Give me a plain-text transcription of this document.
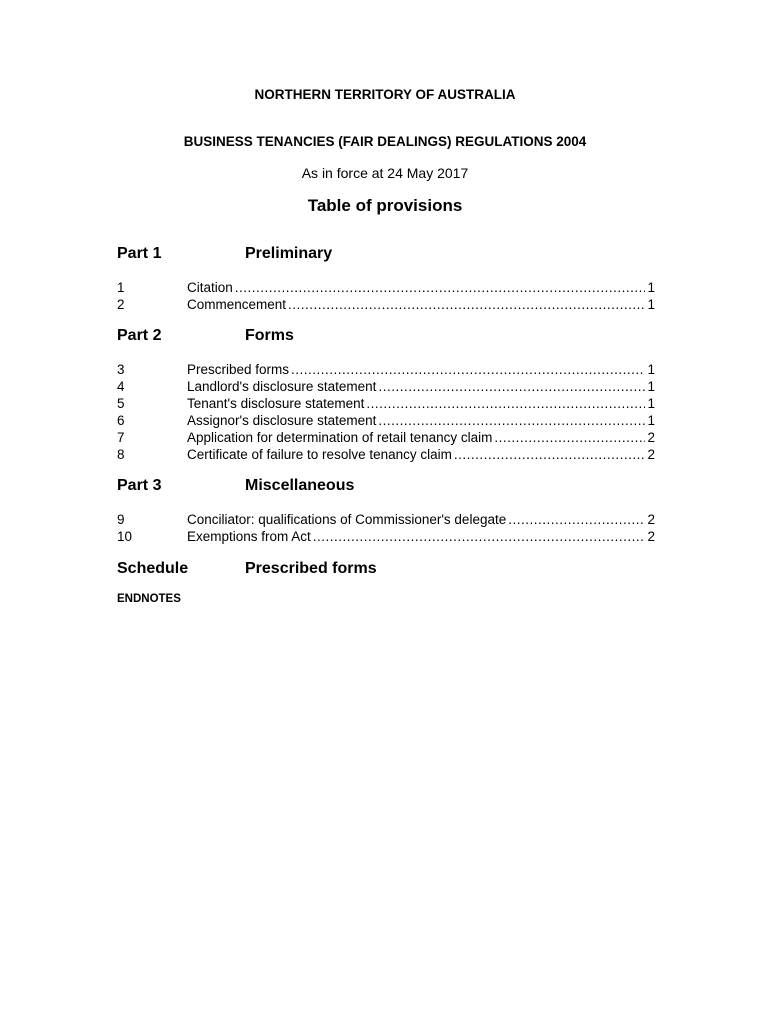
NORTHERN TERRITORY OF AUSTRALIA
BUSINESS TENANCIES (FAIR DEALINGS) REGULATIONS 2004
As in force at 24 May 2017
Table of provisions
Part 1	Preliminary
1	Citation .....	1
2	Commencement .....	1
Part 2	Forms
3	Prescribed forms .....	1
4	Landlord's disclosure statement .....	1
5	Tenant's disclosure statement .....	1
6	Assignor's disclosure statement .....	1
7	Application for determination of retail tenancy claim .....	2
8	Certificate of failure to resolve tenancy claim .....	2
Part 3	Miscellaneous
9	Conciliator: qualifications of Commissioner's delegate .....	2
10	Exemptions from Act .....	2
Schedule	Prescribed forms
ENDNOTES
